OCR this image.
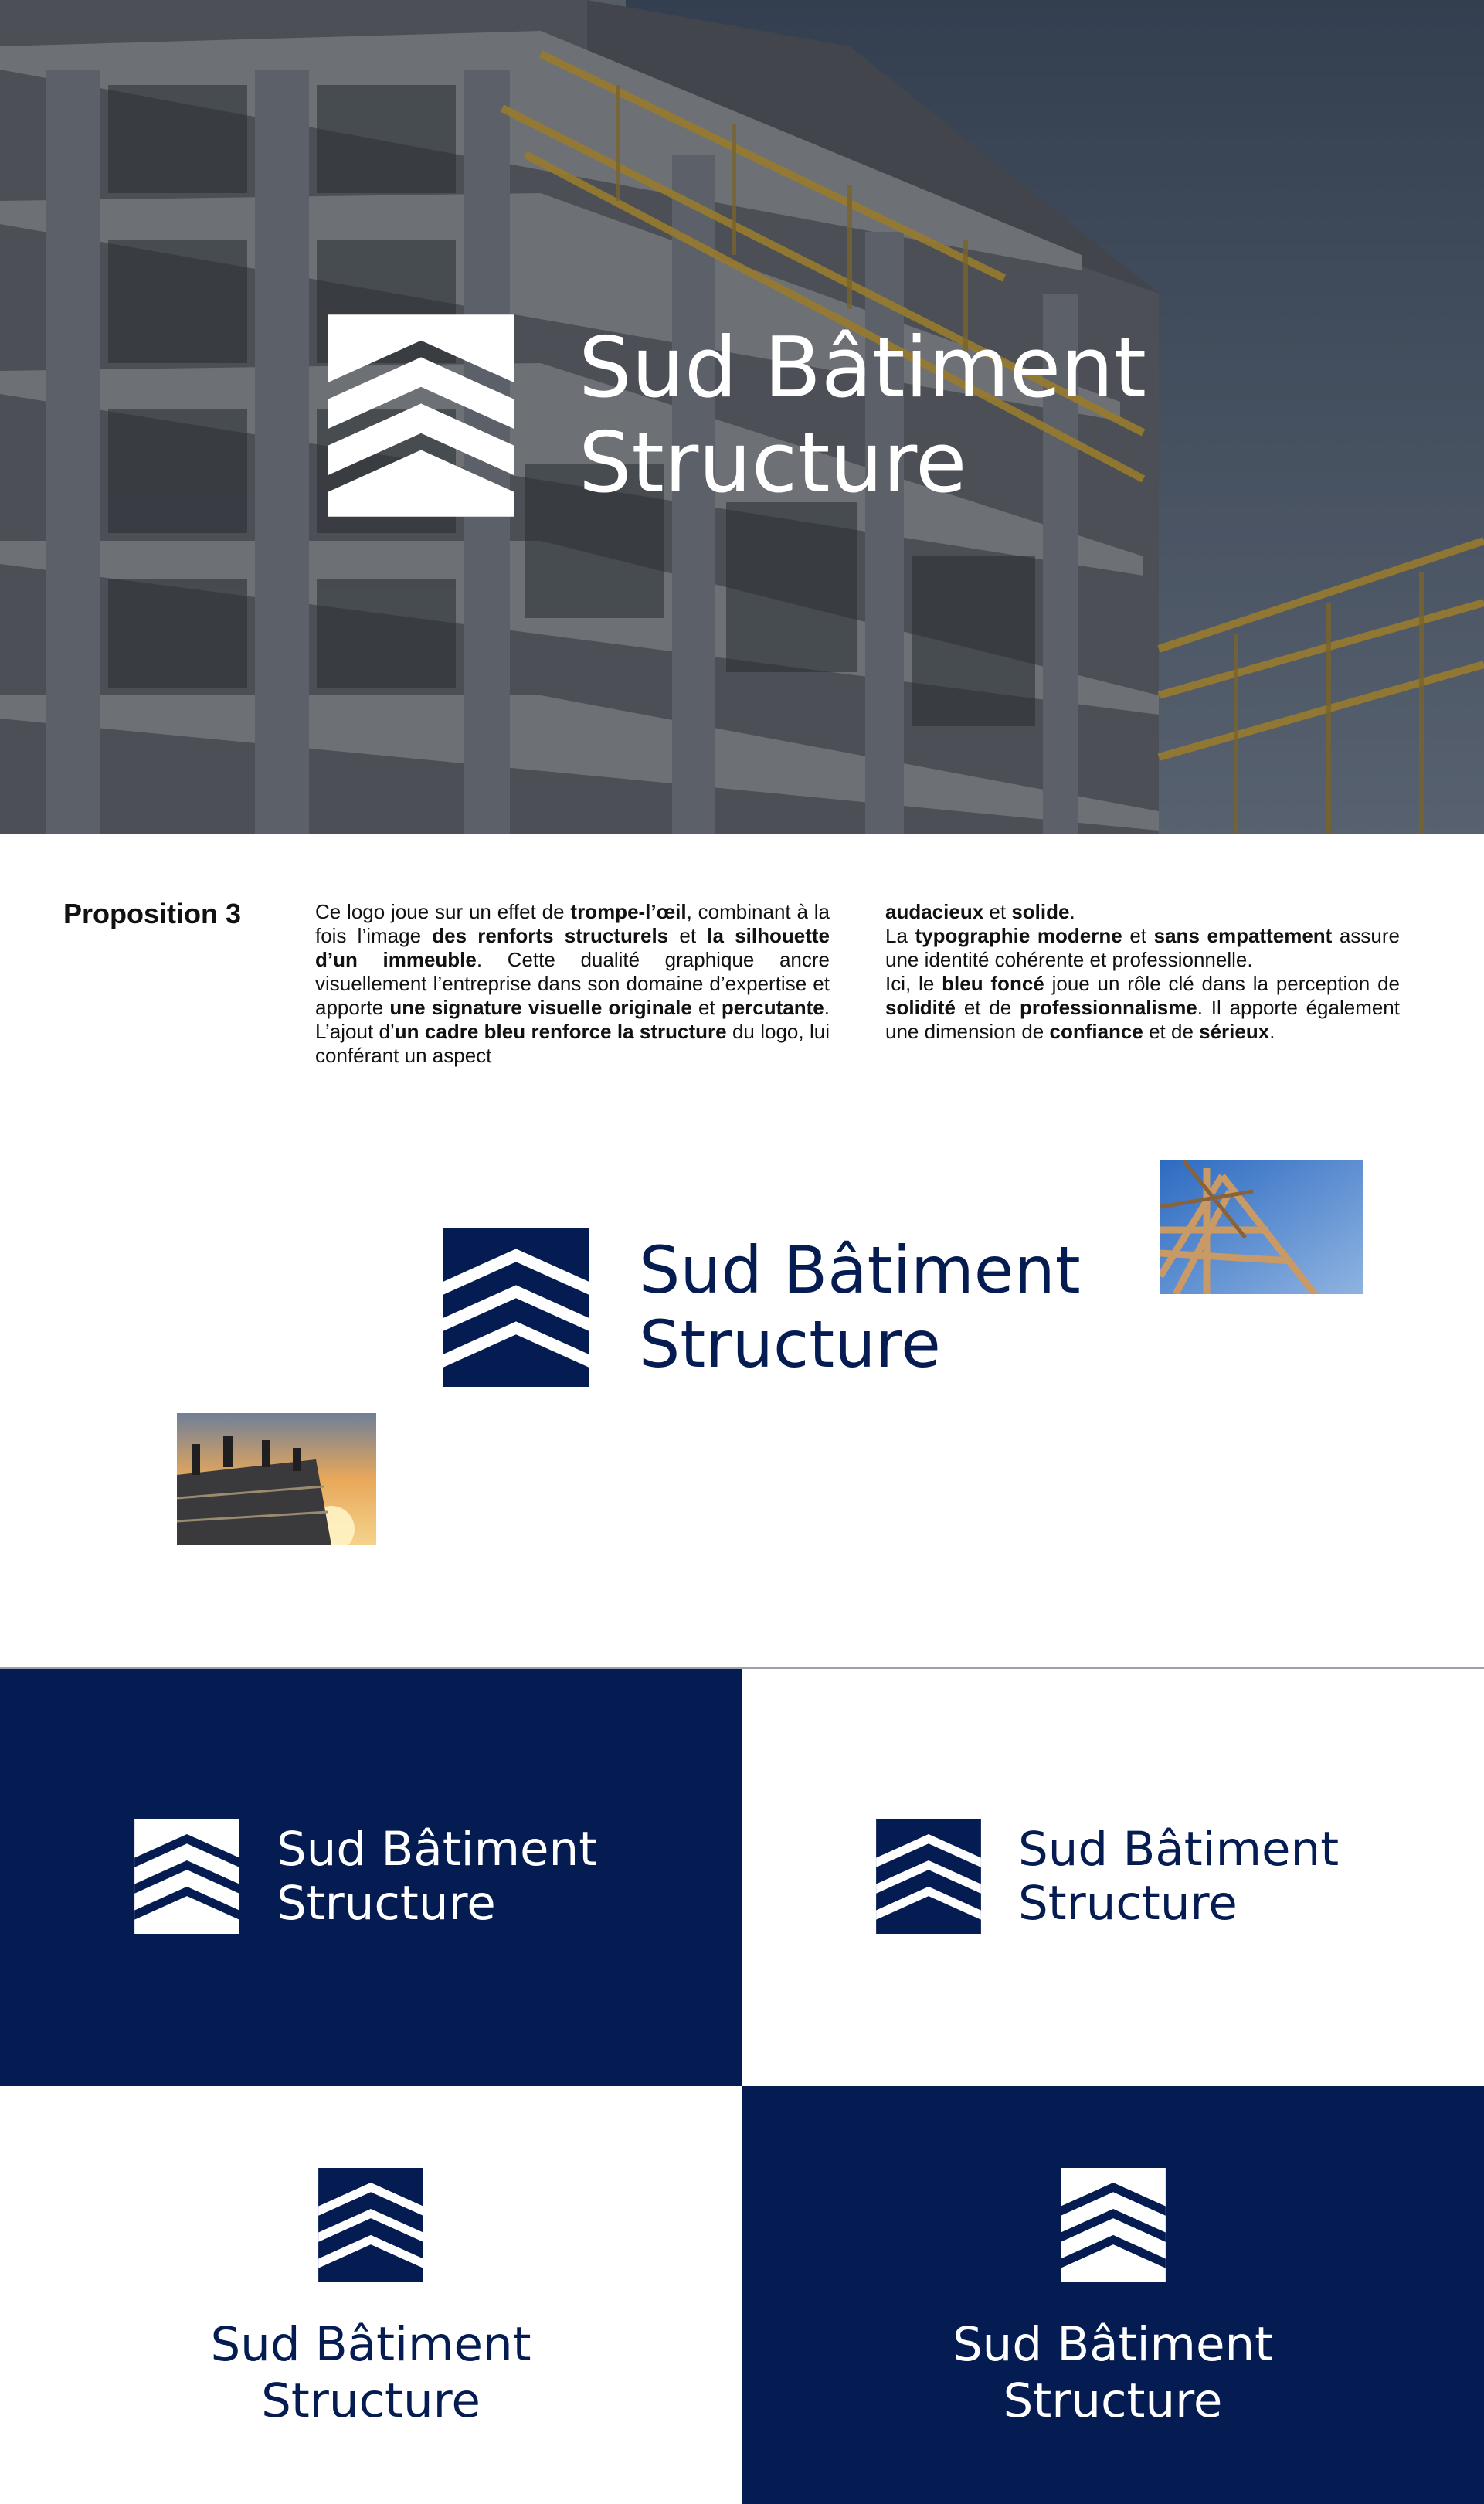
Sud Bâtiment
Structure
Proposition 3	Ce logo joue sur un effet de trompe-l’œil, combinant à la fois l’image des renforts structurels et la silhouette d’un immeuble. Cette dualité graphique ancre visuellement l’entreprise dans son domaine d’expertise et apporte une signature visuelle originale et percutante. L’ajout d’un cadre bleu renforce la structure du logo, lui conférant un aspect
audacieux et solide.
La typographie moderne et sans empattement assure une identité cohérente et professionnelle.
Ici, le bleu foncé joue un rôle clé dans la perception de solidité et de professionnalisme. Il apporte également une dimension de confiance et de sérieux.
Sud Bâtiment
Structure
Sud Bâtiment
Structure
Sud Bâtiment
Structure
Sud Bâtiment
Structure
Sud Bâtiment
Structure
